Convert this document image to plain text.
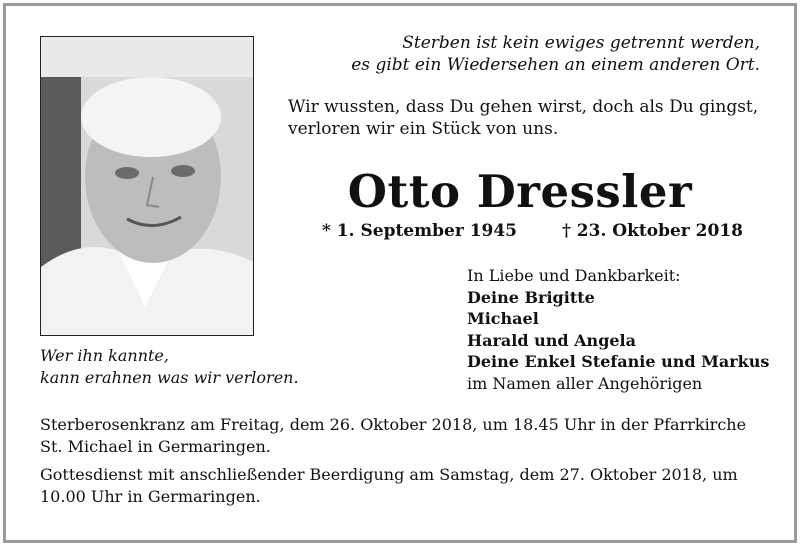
Sterben ist kein ewiges getrennt werden,
es gibt ein Wiedersehen an einem anderen Ort.
Wir wussten, dass Du gehen wirst, doch als Du gingst,
verloren wir ein Stück von uns.
Otto Dressler
* 1. September 1945	† 23. Oktober 2018
In Liebe und Dankbarkeit:
Deine Brigitte
Michael
Harald und Angela
Deine Enkel Stefanie und Markus
im Namen aller Angehörigen
Wer ihn kannte,
kann erahnen was wir verloren.

Sterberosenkranz am Freitag, dem 26. Oktober 2018, um 18.45 Uhr in der Pfarrkirche
St. Michael in Germaringen.

Gottesdienst mit anschließender Beerdigung am Samstag, dem 27. Oktober 2018, um
10.00 Uhr in Germaringen.
